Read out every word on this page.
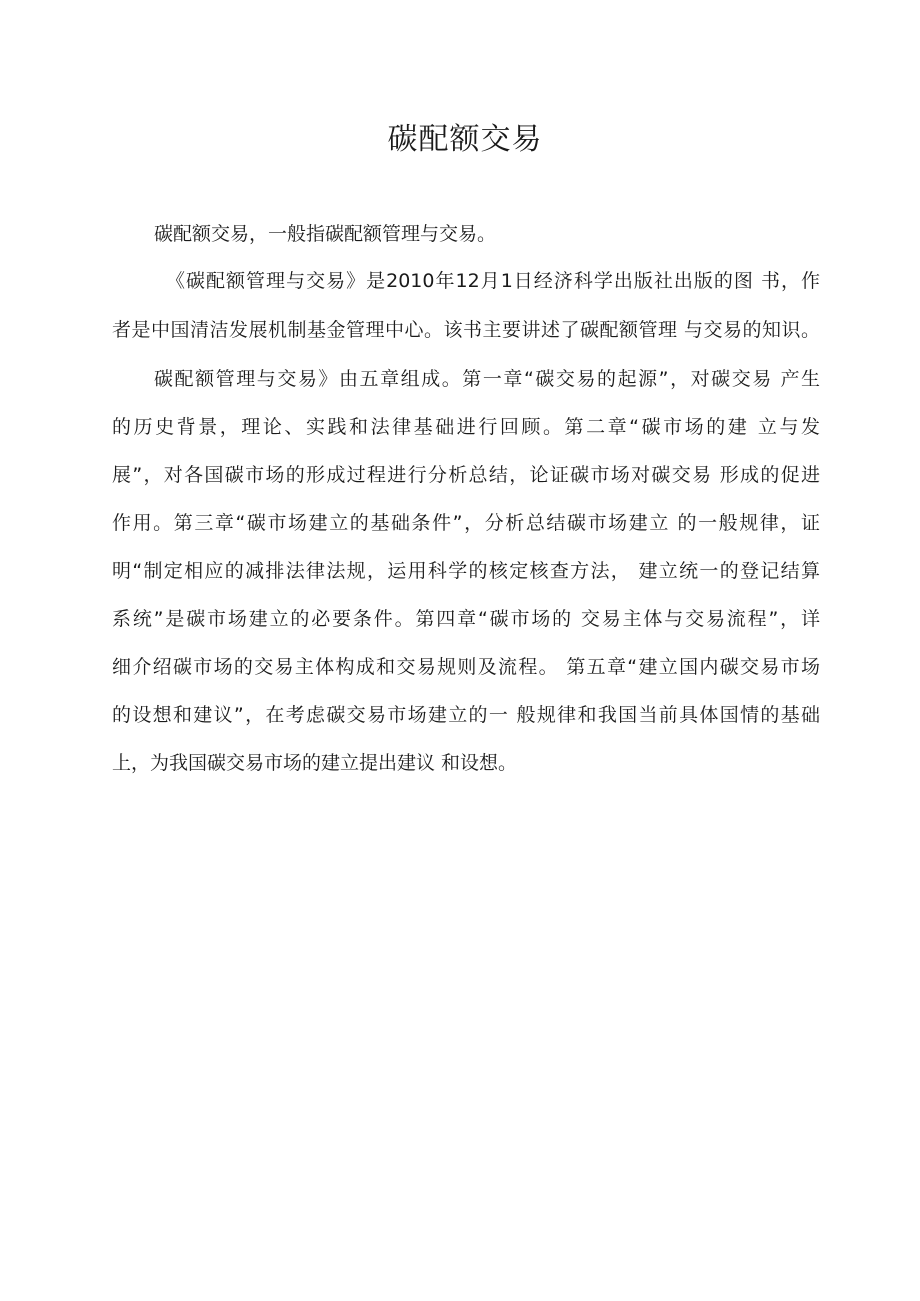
碳配额交易
碳配额交易，一般指碳配额管理与交易。
《碳配额管理与交易》是2010年12月1日经济科学出版社出版的图 书，作
者是中国清洁发展机制基金管理中心。该书主要讲述了碳配额管理 与交易的知识。
碳配额管理与交易》由五章组成。第一章“碳交易的起源”，对碳交易 产生
的历史背景，理论、实践和法律基础进行回顾。第二章“碳市场的建 立与发
展”，对各国碳市场的形成过程进行分析总结，论证碳市场对碳交易 形成的促进
作用。第三章“碳市场建立的基础条件”，分析总结碳市场建立 的一般规律，证
明“制定相应的减排法律法规，运用科学的核定核查方法， 建立统一的登记结算
系统”是碳市场建立的必要条件。第四章“碳市场的 交易主体与交易流程”，详
细介绍碳市场的交易主体构成和交易规则及流程。 第五章“建立国内碳交易市场
的设想和建议”，在考虑碳交易市场建立的一 般规律和我国当前具体国情的基础
上，为我国碳交易市场的建立提出建议 和设想。
